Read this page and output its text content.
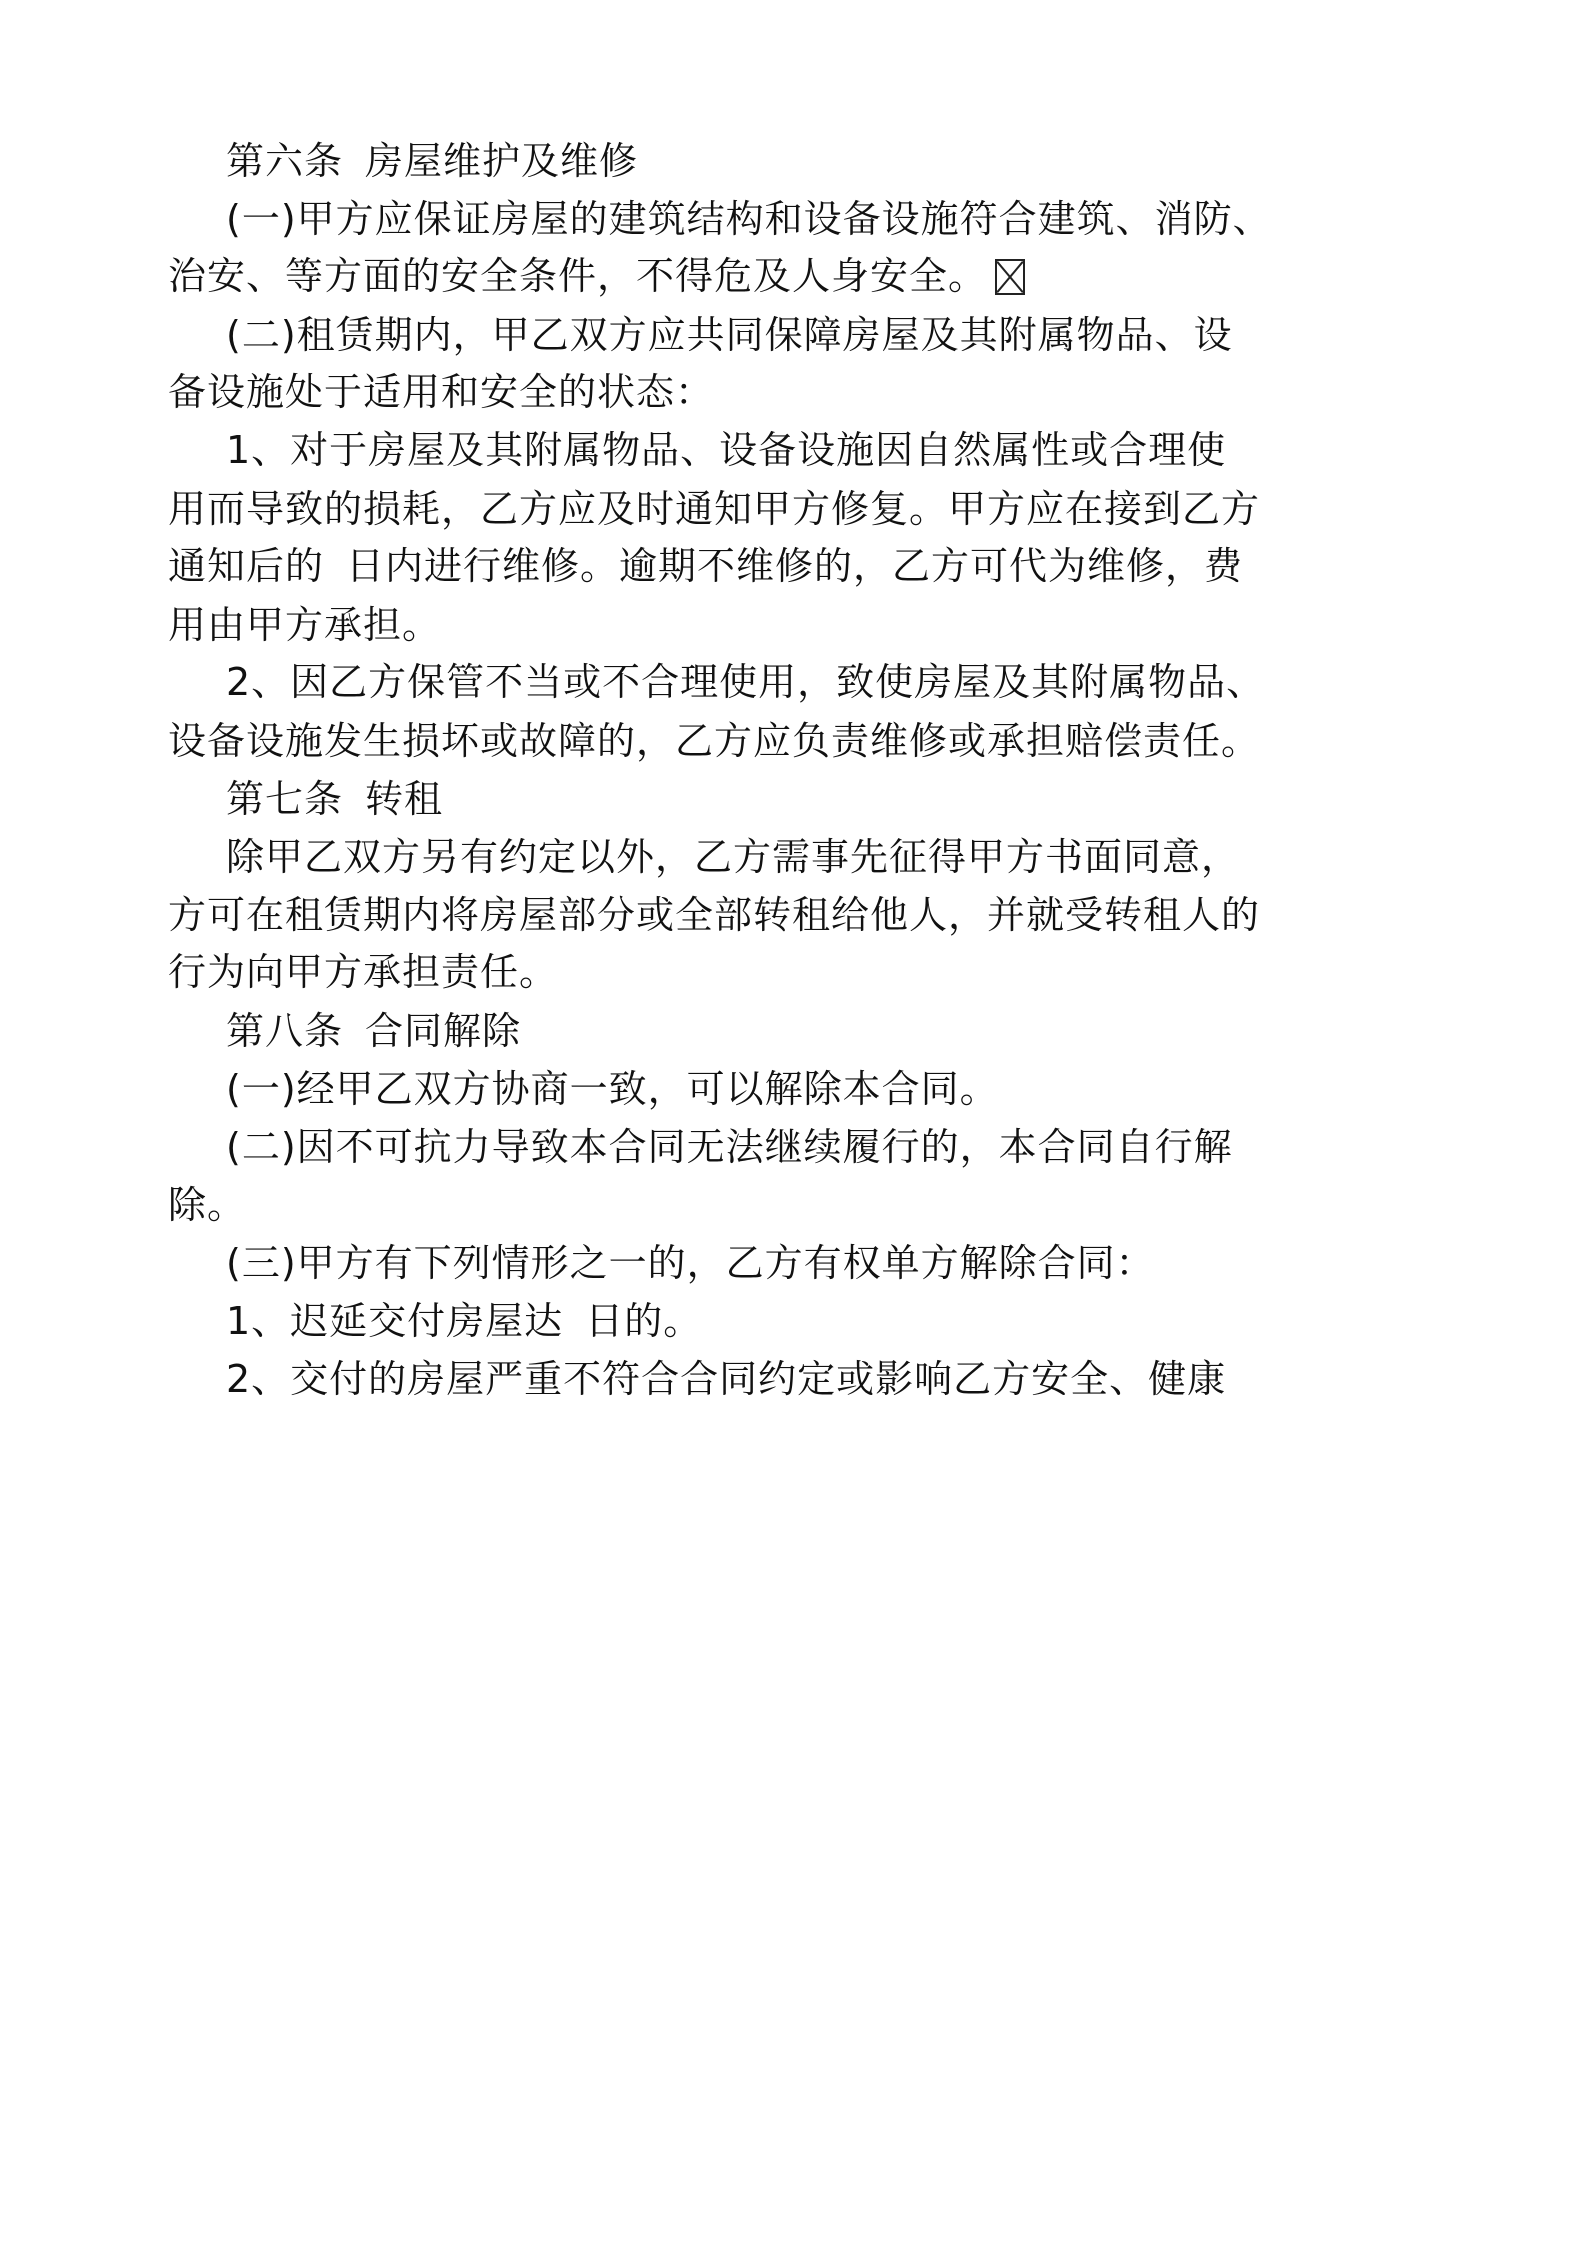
第六条 房屋维护及维修

(一)甲方应保证房屋的建筑结构和设备设施符合建筑、消防、

治安、等方面的安全条件，不得危及人身安全。

(二)租赁期内，甲乙双方应共同保障房屋及其附属物品、设

备设施处于适用和安全的状态：

1、对于房屋及其附属物品、设备设施因自然属性或合理使

用而导致的损耗，乙方应及时通知甲方修复。甲方应在接到乙方

通知后的 日内进行维修。逾期不维修的，乙方可代为维修，费

用由甲方承担。

2、因乙方保管不当或不合理使用，致使房屋及其附属物品、

设备设施发生损坏或故障的，乙方应负责维修或承担赔偿责任。

第七条 转租

除甲乙双方另有约定以外，乙方需事先征得甲方书面同意，

方可在租赁期内将房屋部分或全部转租给他人，并就受转租人的

行为向甲方承担责任。

第八条 合同解除

(一)经甲乙双方协商一致，可以解除本合同。

(二)因不可抗力导致本合同无法继续履行的，本合同自行解

除。

(三)甲方有下列情形之一的，乙方有权单方解除合同：

1、迟延交付房屋达 日的。

2、交付的房屋严重不符合合同约定或影响乙方安全、健康
